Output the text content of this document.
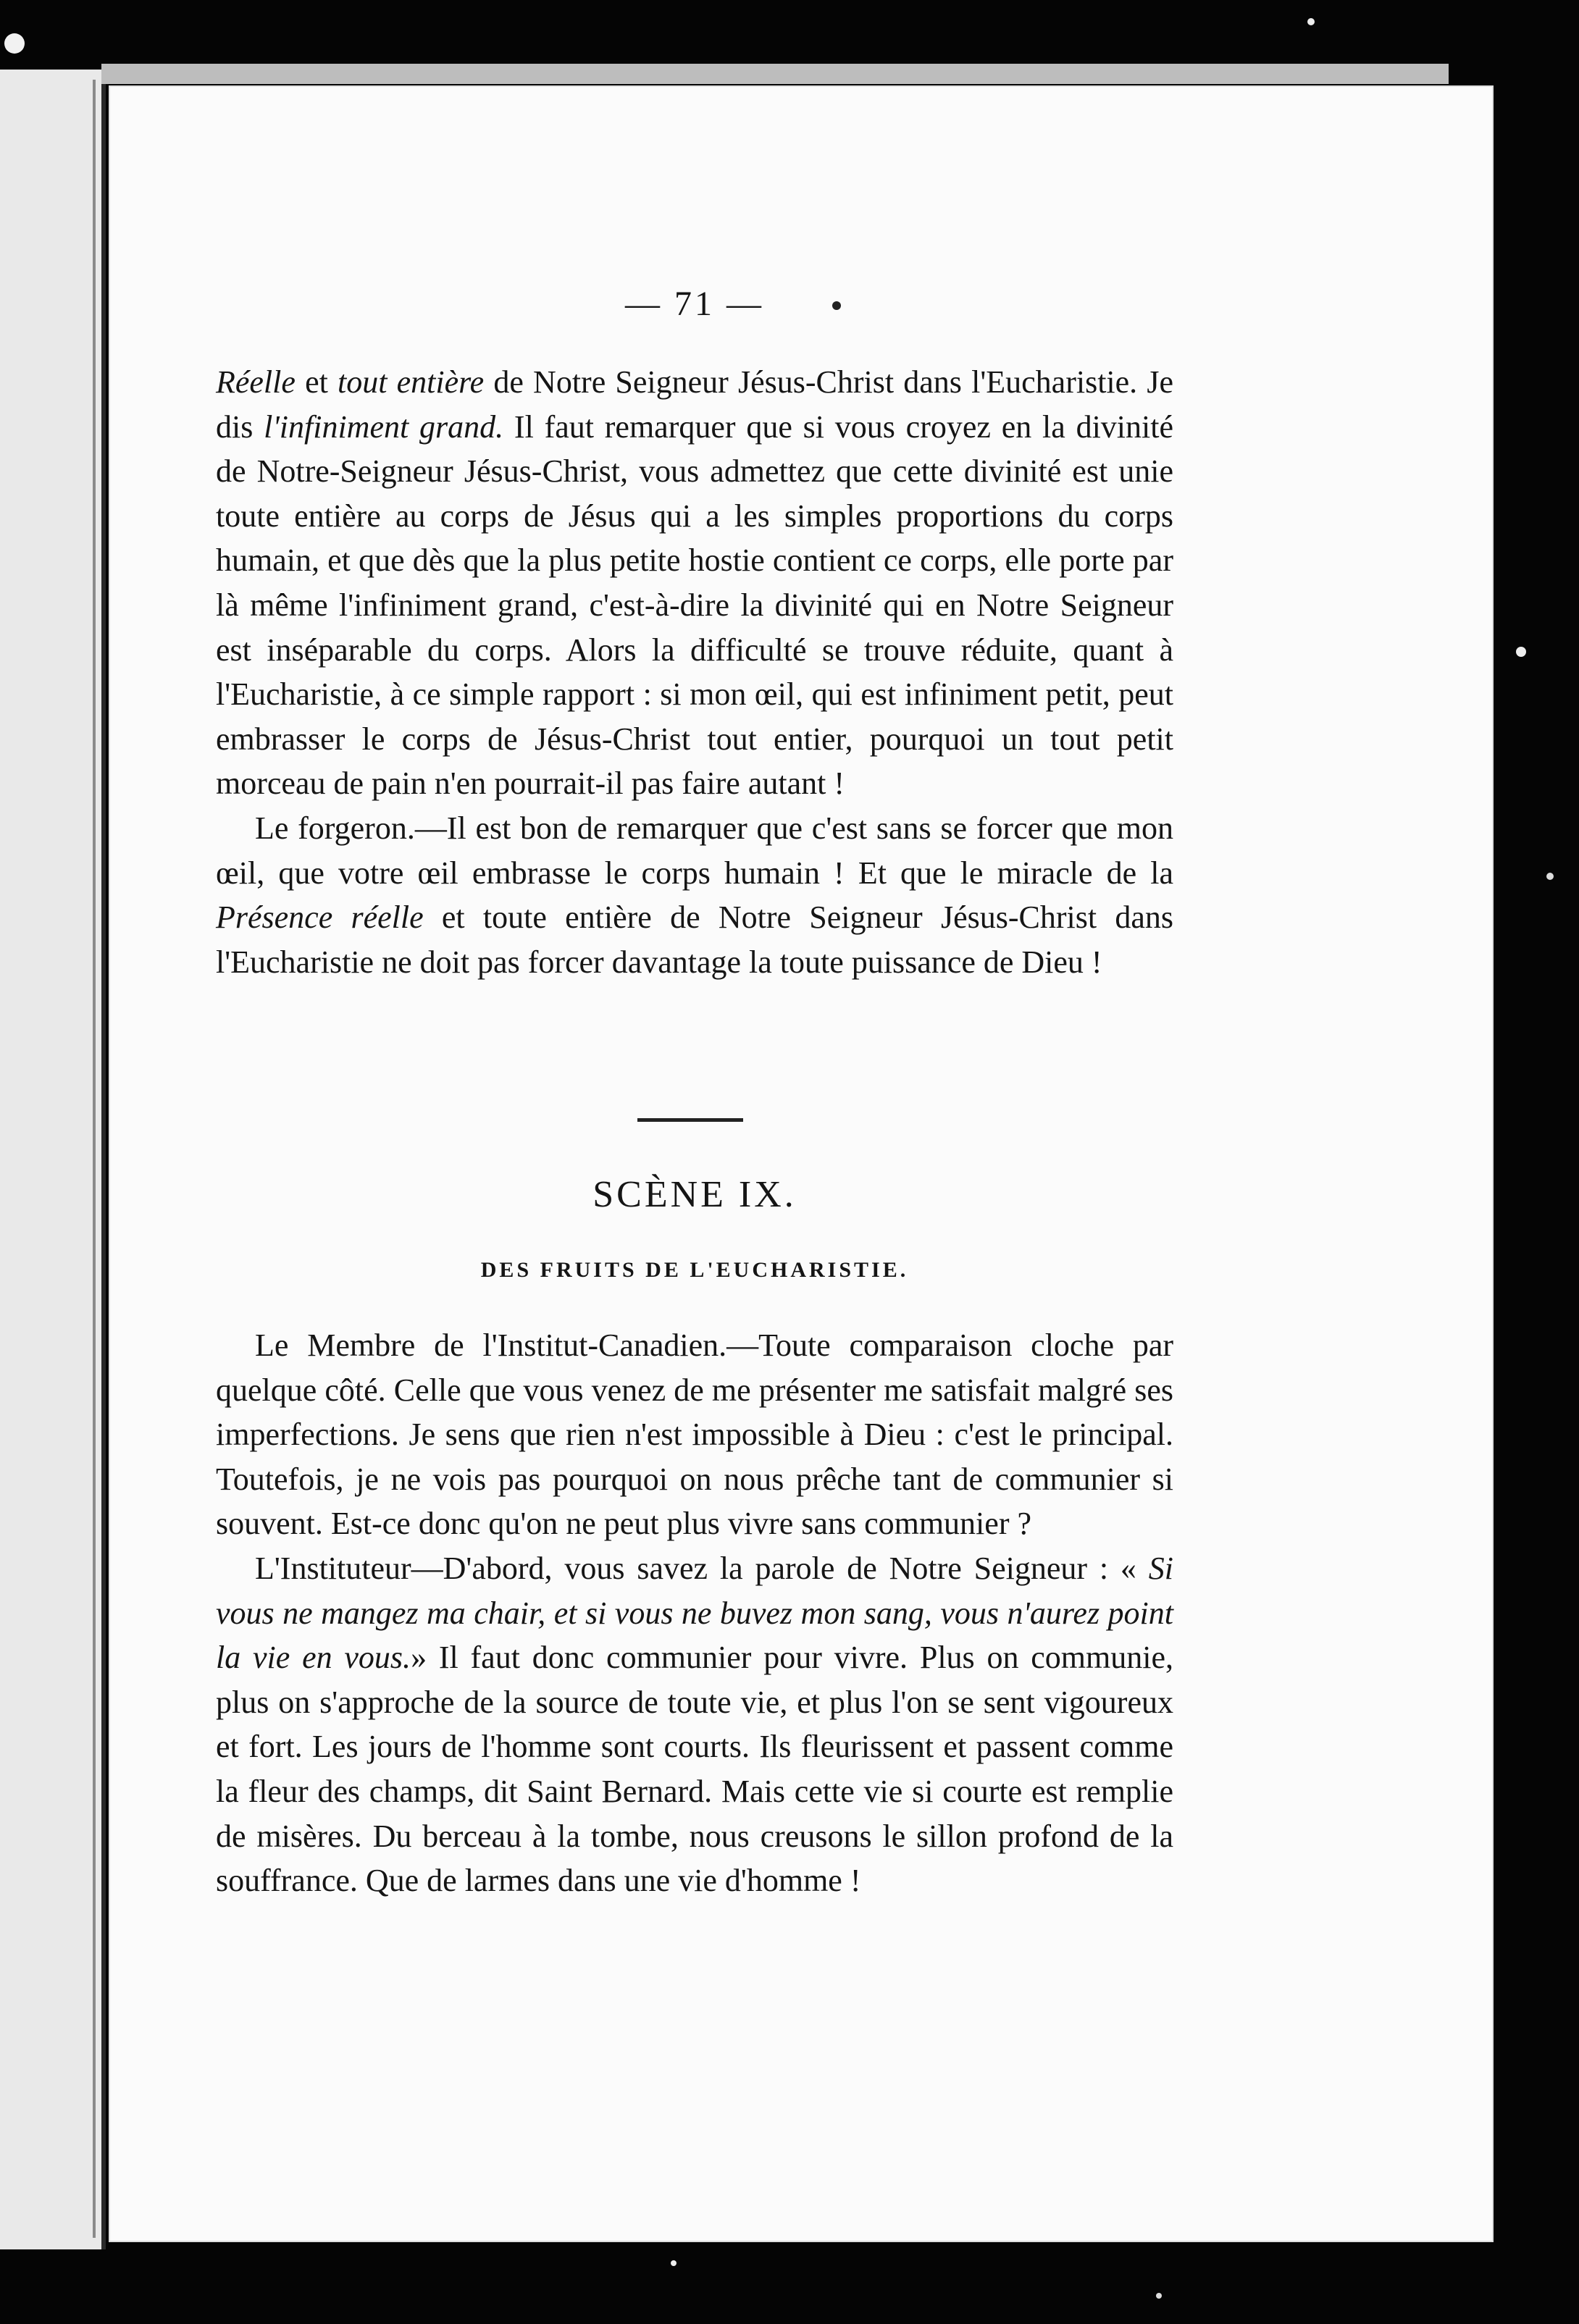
— 71 —

Réelle et tout entière de Notre Seigneur Jésus-Christ dans l'Eucharistie. Je dis l'infiniment grand. Il faut remarquer que si vous croyez en la divinité de Notre-Seigneur Jésus-Christ, vous admettez que cette divinité est unie toute entière au corps de Jésus qui a les simples proportions du corps humain, et que dès que la plus petite hostie contient ce corps, elle porte par là même l'infiniment grand, c'est-à-dire la divinité qui en Notre Seigneur est inséparable du corps. Alors la difficulté se trouve réduite, quant à l'Eucharistie, à ce simple rapport : si mon œil, qui est infiniment petit, peut embrasser le corps de Jésus-Christ tout entier, pourquoi un tout petit morceau de pain n'en pourrait-il pas faire autant !

Le forgeron.—Il est bon de remarquer que c'est sans se forcer que mon œil, que votre œil embrasse le corps humain ! Et que le miracle de la Présence réelle et toute entière de Notre Seigneur Jésus-Christ dans l'Eucharistie ne doit pas forcer davantage la toute puissance de Dieu !

SCÈNE IX.
DES FRUITS DE L'EUCHARISTIE.

Le Membre de l'Institut-Canadien.—Toute comparaison cloche par quelque côté. Celle que vous venez de me présenter me satisfait malgré ses imperfections. Je sens que rien n'est impossible à Dieu : c'est le principal. Toutefois, je ne vois pas pourquoi on nous prêche tant de communier si souvent. Est-ce donc qu'on ne peut plus vivre sans communier ?

L'Instituteur—D'abord, vous savez la parole de Notre Seigneur : « Si vous ne mangez ma chair, et si vous ne buvez mon sang, vous n'aurez point la vie en vous.» Il faut donc communier pour vivre. Plus on communie, plus on s'approche de la source de toute vie, et plus l'on se sent vigoureux et fort. Les jours de l'homme sont courts. Ils fleurissent et passent comme la fleur des champs, dit Saint Bernard. Mais cette vie si courte est remplie de misères. Du berceau à la tombe, nous creusons le sillon profond de la souffrance. Que de larmes dans une vie d'homme !
